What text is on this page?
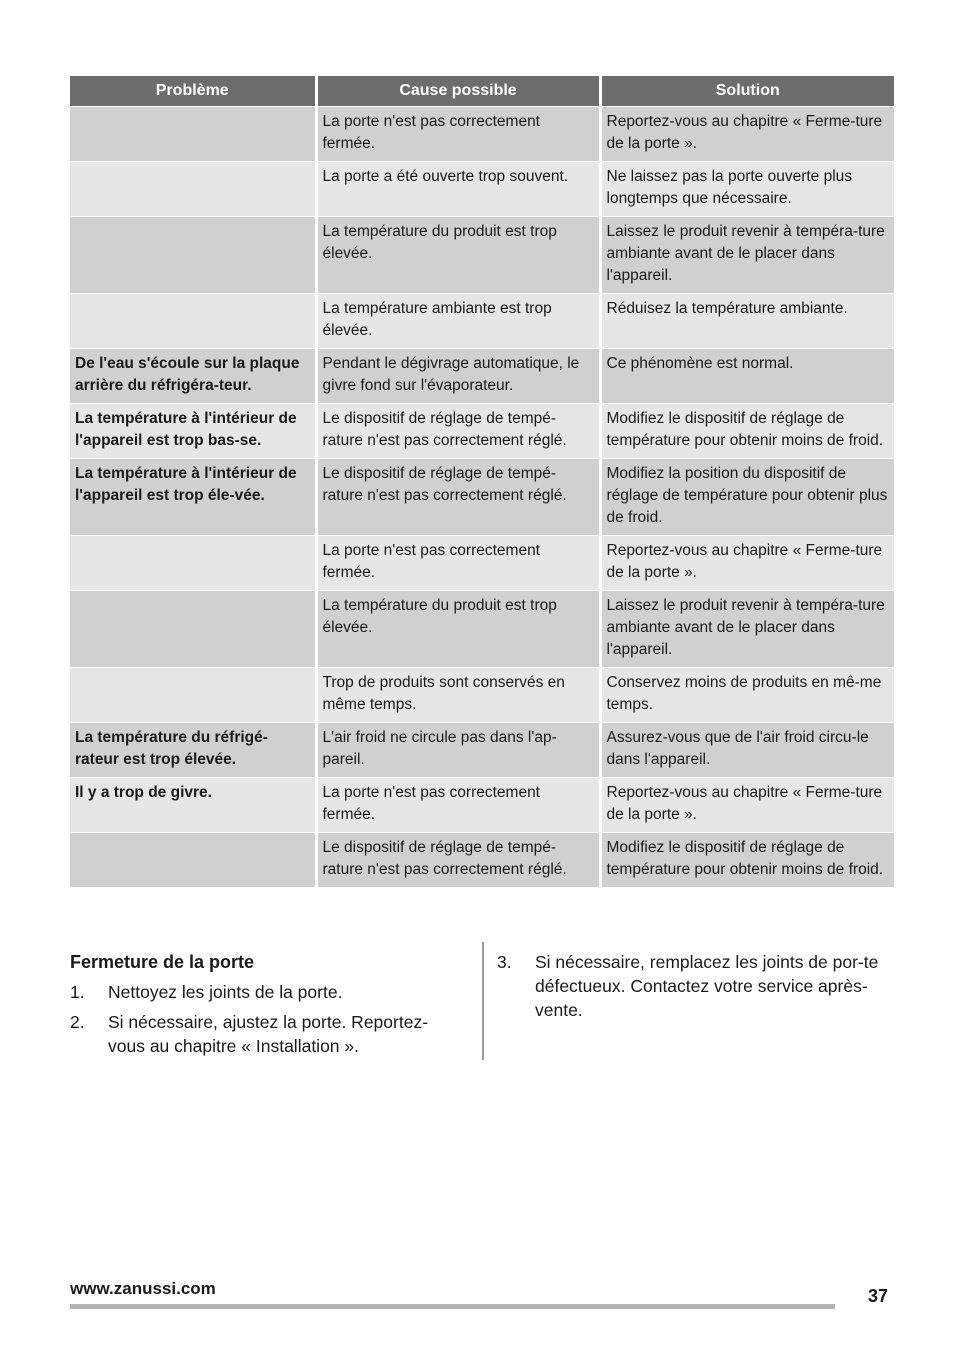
Problème	Cause possible	Solution
	La porte n'est pas correctement fermée.	Reportez-vous au chapitre « Ferme-ture de la porte ».
	La porte a été ouverte trop souvent.	Ne laissez pas la porte ouverte plus longtemps que nécessaire.
	La température du produit est trop élevée.	Laissez le produit revenir à tempéra-ture ambiante avant de le placer dans l'appareil.
	La température ambiante est trop élevée.	Réduisez la température ambiante.
De l'eau s'écoule sur la plaque arrière du réfrigéra-teur.	Pendant le dégivrage automatique, le givre fond sur l'évaporateur.	Ce phénomène est normal.
La température à l'intérieur de l'appareil est trop bas-se.	Le dispositif de réglage de tempé-rature n'est pas correctement réglé.	Modifiez le dispositif de réglage de température pour obtenir moins de froid.
La température à l'intérieur de l'appareil est trop éle-vée.	Le dispositif de réglage de tempé-rature n'est pas correctement réglé.	Modifiez la position du dispositif de réglage de température pour obtenir plus de froid.
	La porte n'est pas correctement fermée.	Reportez-vous au chapitre « Ferme-ture de la porte ».
	La température du produit est trop élevée.	Laissez le produit revenir à tempéra-ture ambiante avant de le placer dans l'appareil.
	Trop de produits sont conservés en même temps.	Conservez moins de produits en mê-me temps.
La température du réfrigé-rateur est trop élevée.	L'air froid ne circule pas dans l'ap-pareil.	Assurez-vous que de l'air froid circu-le dans l'appareil.
Il y a trop de givre.	La porte n'est pas correctement fermée.	Reportez-vous au chapitre « Ferme-ture de la porte ».
	Le dispositif de réglage de tempé-rature n'est pas correctement réglé.	Modifiez le dispositif de réglage de température pour obtenir moins de froid.
Fermeture de la porte
1. Nettoyez les joints de la porte.
2. Si nécessaire, ajustez la porte. Reportez-vous au chapitre « Installation ».
3. Si nécessaire, remplacez les joints de por-te défectueux. Contactez votre service après-vente.
www.zanussi.com	37
